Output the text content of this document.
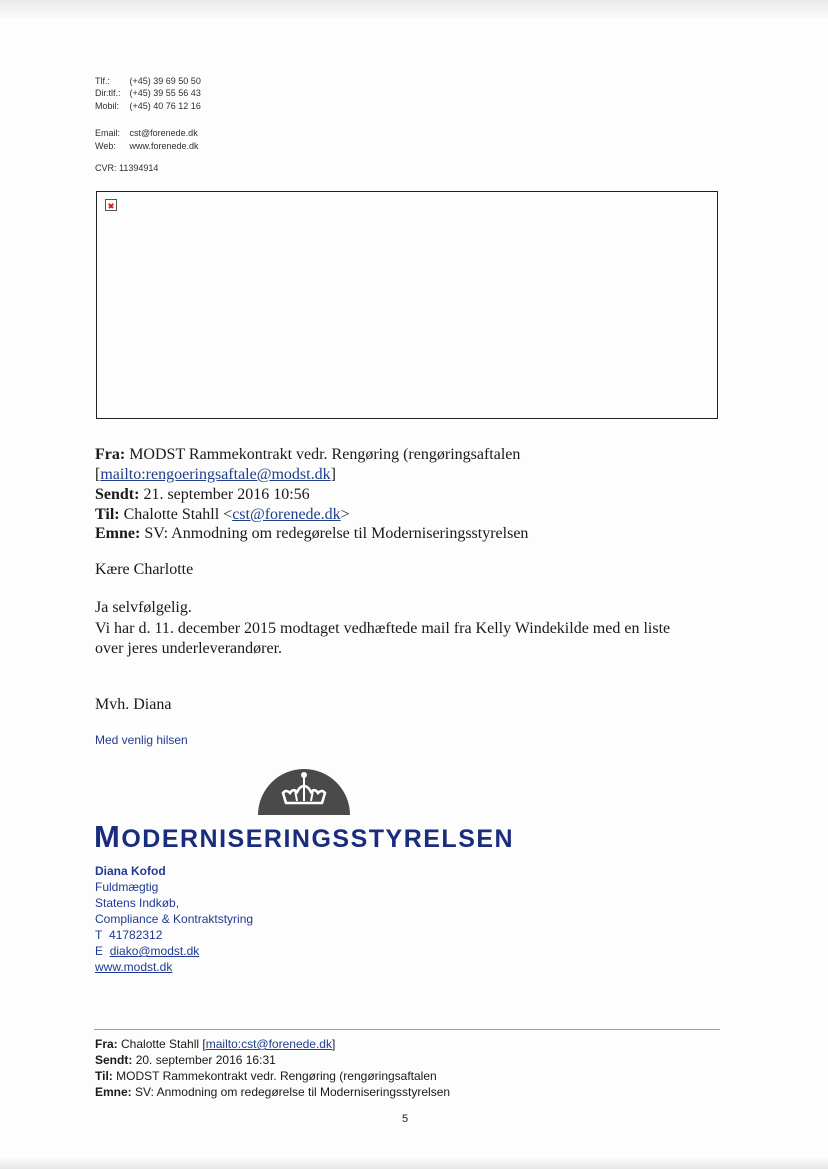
Tlf.: (+45) 39 69 50 50
Dir.tlf.: (+45) 39 55 56 43
Mobil: (+45) 40 76 12 16
Email: cst@forenede.dk
Web: www.forenede.dk
CVR: 11394914
Fra: MODST Rammekontrakt vedr. Rengøring (rengøringsaftalen
[mailto:rengoeringsaftale@modst.dk]
Sendt: 21. september 2016 10:56
Til: Chalotte Stahll <cst@forenede.dk>
Emne: SV: Anmodning om redegørelse til Moderniseringsstyrelsen
Kære Charlotte
Ja selvfølgelig.
Vi har d. 11. december 2015 modtaget vedhæftede mail fra Kelly Windekilde med en liste
over jeres underleverandører.
Mvh. Diana
Med venlig hilsen
MODERNISERINGSSTYRELSEN
Diana Kofod
Fuldmægtig
Statens Indkøb,
Compliance & Kontraktstyring
T 41782312
E diako@modst.dk
www.modst.dk
Fra: Chalotte Stahll [mailto:cst@forenede.dk]
Sendt: 20. september 2016 16:31
Til: MODST Rammekontrakt vedr. Rengøring (rengøringsaftalen
Emne: SV: Anmodning om redegørelse til Moderniseringsstyrelsen
5
